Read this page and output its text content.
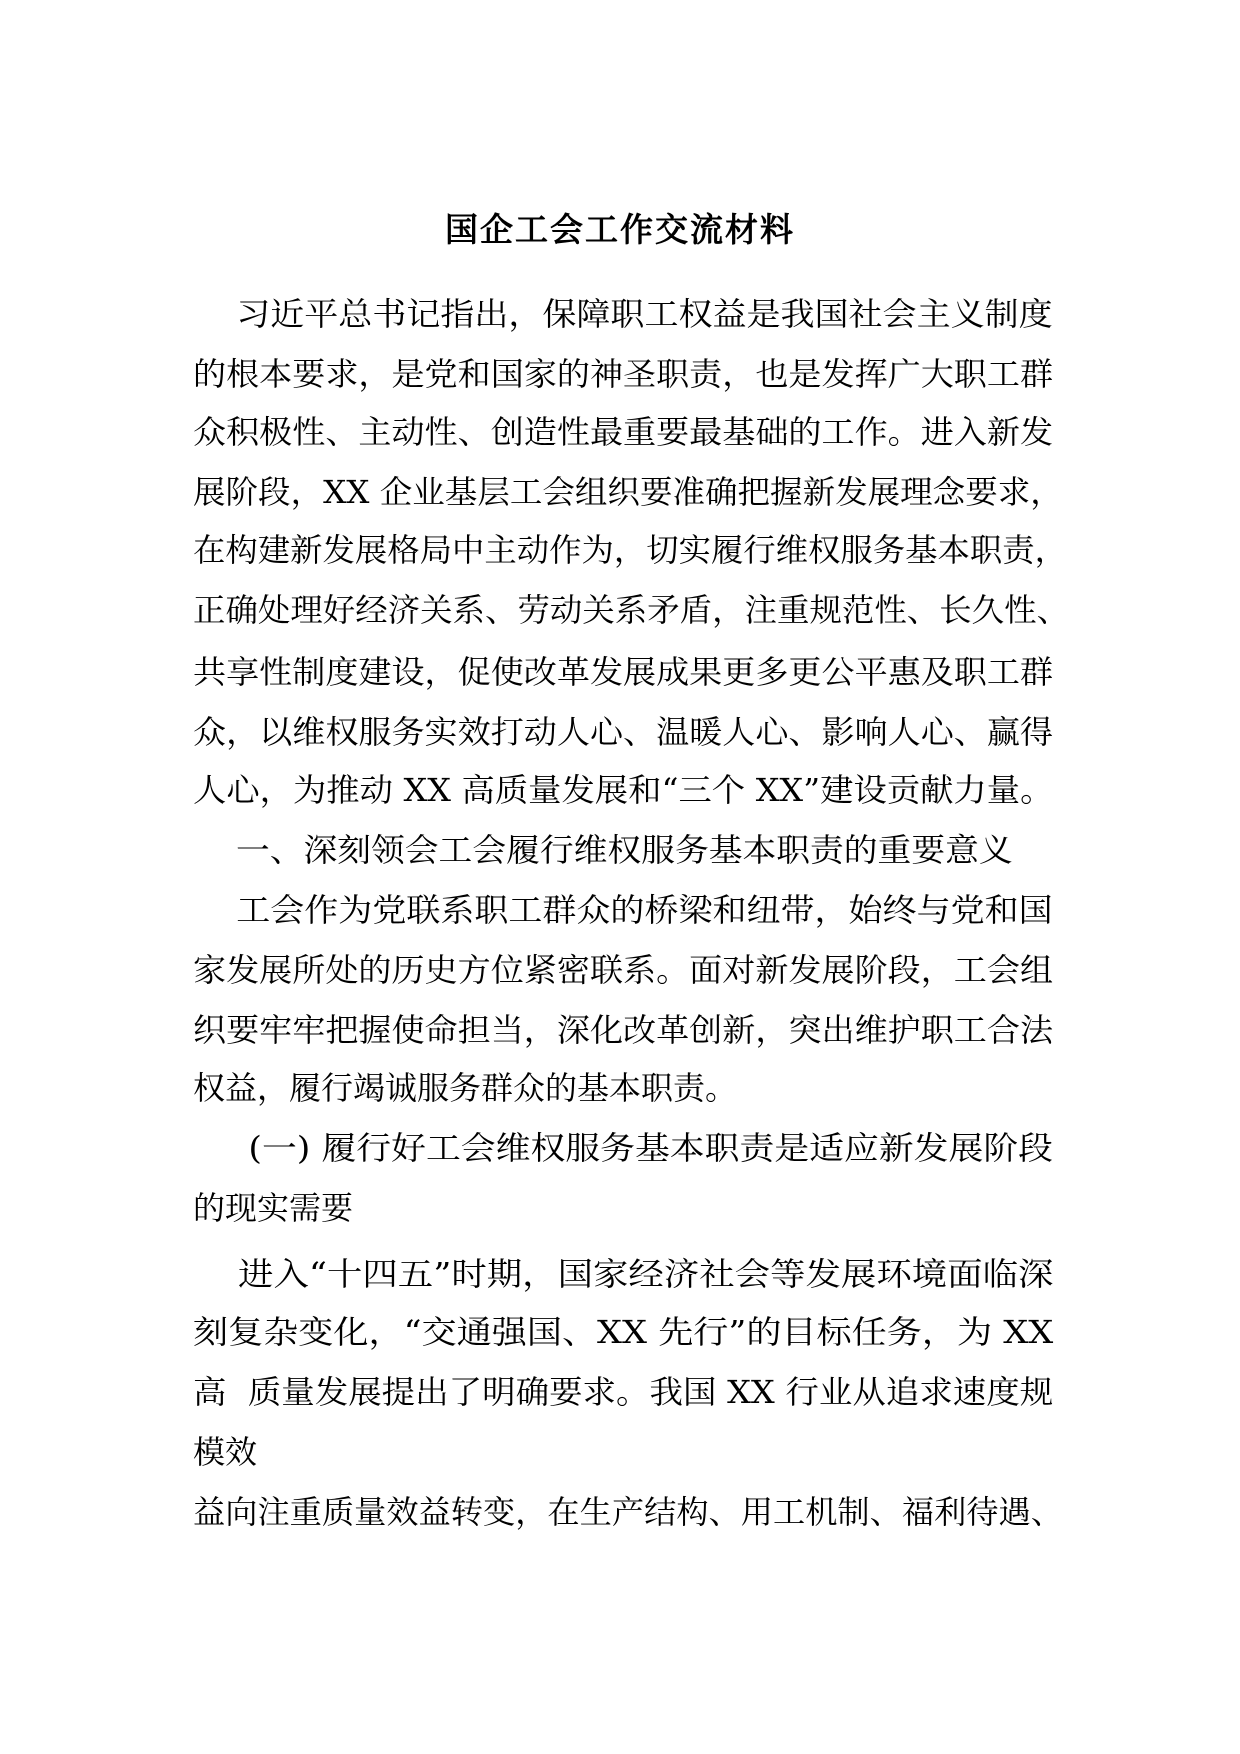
国企工会工作交流材料
习近平总书记指出，保障职工权益是我国社会主义制度
的根本要求，是党和国家的神圣职责，也是发挥广大职工群
众积极性、主动性、创造性最重要最基础的工作。进入新发
展阶段，XX 企业基层工会组织要准确把握新发展理念要求，
在构建新发展格局中主动作为，切实履行维权服务基本职责，
正确处理好经济关系、劳动关系矛盾，注重规范性、长久性、
共享性制度建设，促使改革发展成果更多更公平惠及职工群
众，以维权服务实效打动人心、温暖人心、影响人心、赢得
人心，为推动 XX 高质量发展和“三个 XX”建设贡献力量。
一、深刻领会工会履行维权服务基本职责的重要意义
工会作为党联系职工群众的桥梁和纽带，始终与党和国
家发展所处的历史方位紧密联系。面对新发展阶段，工会组
织要牢牢把握使命担当，深化改革创新，突出维护职工合法
权益，履行竭诚服务群众的基本职责。
(一) 履行好工会维权服务基本职责是适应新发展阶段
的现实需要
进入“十四五”时期，国家经济社会等发展环境面临深
刻复杂变化，“交通强国、XX 先行”的目标任务，为 XX
高  质量发展提出了明确要求。我国 XX 行业从追求速度规
模效
益向注重质量效益转变，在生产结构、用工机制、福利待遇、
